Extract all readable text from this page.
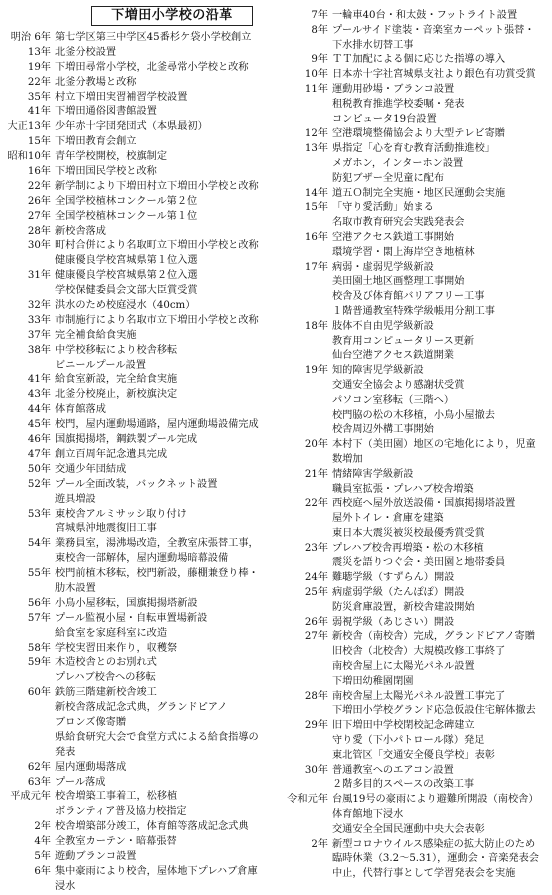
下増田小学校の沿革
明治 6年 第七学区第三中学区45番杉ケ袋小学校創立
13年 北釜分校設置
19年 下増田尋常小学校，北釜尋常小学校と改称
22年 北釜分教場と改称
35年 村立下増田実習補習学校設置
41年 下増田通俗図書館設置
大正13年 少年赤十字団発団式（本県最初）
15年 下増田教育会創立
昭和10年 青年学校開校，校旗制定
16年 下増田国民学校と改称
22年 新学制により下増田村立下増田小学校と改称
26年 全国学校植林コンクール第２位
27年 全国学校植林コンクール第１位
28年 新校舎落成
30年 町村合併により名取町立下増田小学校と改称
健康優良学校宮城県第１位入選
31年 健康優良学校宮城県第２位入選
学校保健委員会文部大臣賞受賞
32年 洪水のため校庭浸水（40cm）
33年 市制施行により名取市立下増田小学校と改称
37年 完全補食給食実施
38年 中学校移転により校舎移転
ビニールプール設置
41年 給食室新設，完全給食実施
43年 北釜分校廃止，新校旗決定
44年 体育館落成
45年 校門，屋内運動場通路，屋内運動場設備完成
46年 国旗掲揚塔，鋼鉄製プール完成
47年 創立百周年記念遺具完成
50年 交通少年団結成
52年 プール全面改装，バックネット設置
遊具増設
53年 東校舎アルミサッシ取り付け
宮城県沖地震復旧工事
54年 業務員室，湯沸場改造，全教室床張替工事，
東校舎一部解体，屋内運動場暗幕設備
55年 校門前植木移転，校門新設，藤棚兼登り棒・
肋木設置
56年 小鳥小屋移転，国旗掲揚塔新設
57年 プール監視小屋・自転車置場新設
給食室を家庭科室に改造
58年 学校実習田来作り，収穫祭
59年 木造校舎とのお別れ式
プレハブ校舎への移転
60年 鉄筋三階建新校舎竣工
新校舎落成記念式典，グランドピアノ
ブロンズ像寄贈
県給食研究大会で食堂方式による給食指導の
発表
62年 屋内運動場落成
63年 プール落成
平成元年 校舎増築工事着工，松移植
ボランティア普及協力校指定
2年 校舎増築部分竣工，体育館等落成記念式典
4年 全教室カーテン・暗幕張替
5年 遊動ブランコ設置
6年 集中豪雨により校舎，屋体地下プレハブ倉庫
浸水
7年 一輪車40台・和太鼓・フットライト設置
8年 プールサイド塗装・音楽室カーペット張替・
下水排水切替工事
9年 ＴＴ加配による個に応じた指導の導入
10年 日本赤十字社宮城県支社より銀色有功賞受賞
11年 運動用砂場・ブランコ設置
租税教育推進学校委嘱・発表
コンピュータ19台設置
12年 空港環境整備協会より大型テレビ寄贈
13年 県指定「心を育む教育活動推進校」
メガホン，インターホン設置
防犯ブザー全児童に配布
14年 道五Ｏ制完全実施・地区民運動会実施
15年 「守り愛活動」始まる
名取市教育研究会実践発表会
16年 空港アクセス鉄道工事開始
環境学習・閖上海岸空き地植林
17年 病弱・虚弱児学級新設
美田園土地区画整理工事開始
校舎及び体育館バリアフリー工事
１階普通教室特殊学級帳用分割工事
18年 肢体不自由児学級新設
教育用コンピュータリース更新
仙台空港アクセス鉄道開業
19年 知的障害児学級新設
交通安全協会より感謝状受賞
パソコン室移転（三階へ）
校門脇の松の木移植，小鳥小屋撤去
校舎周辺外構工事開始
20年 本村下（美田園）地区の宅地化により，児童
数増加
21年 情緒障害学級新設
職員室拡張・プレハブ校舎増築
22年 西校庭へ屋外放送設備・国旗掲揚塔設置
屋外トイレ・倉庫を建築
東日本大震災被災校最優秀賞受賞
23年 プレハブ校舎再増築・松の木移植
震災を語りつぐ会・美田園と地帯委員
24年 難聴学級（すずらん）開設
25年 病虚弱学級（たんぽぽ）開設
防災倉庫設置，新校舎建設開始
26年 弱視学級（あじさい）開設
27年 新校舎（南校舎）完成，グランドピアノ寄贈
旧校舎（北校舎）大規模改修工事終了
南校舎屋上に太陽光パネル設置
下増田幼稚園閉園
28年 南校舎屋上太陽光パネル設置工事完了
下増田小学校グランド応急仮設住宅解体撤去
29年 旧下増田中学校閉校記念碑建立
守り愛（下小パトロール隊）発足
東北管区「交通安全優良学校」表彰
30年 普通教室へのエアコン設置
２階多目的スペースの改築工事
令和元年 台風19号の豪雨により避難所開設（南校舎）
体育館地下浸水
交通安全全国民運動中央大会表彰
2年 新型コロナウイルス感染症の拡大防止のため
臨時休業（3.2〜5.31），運動会・音楽発表会
中止，代替行事として学習発表会を実施
